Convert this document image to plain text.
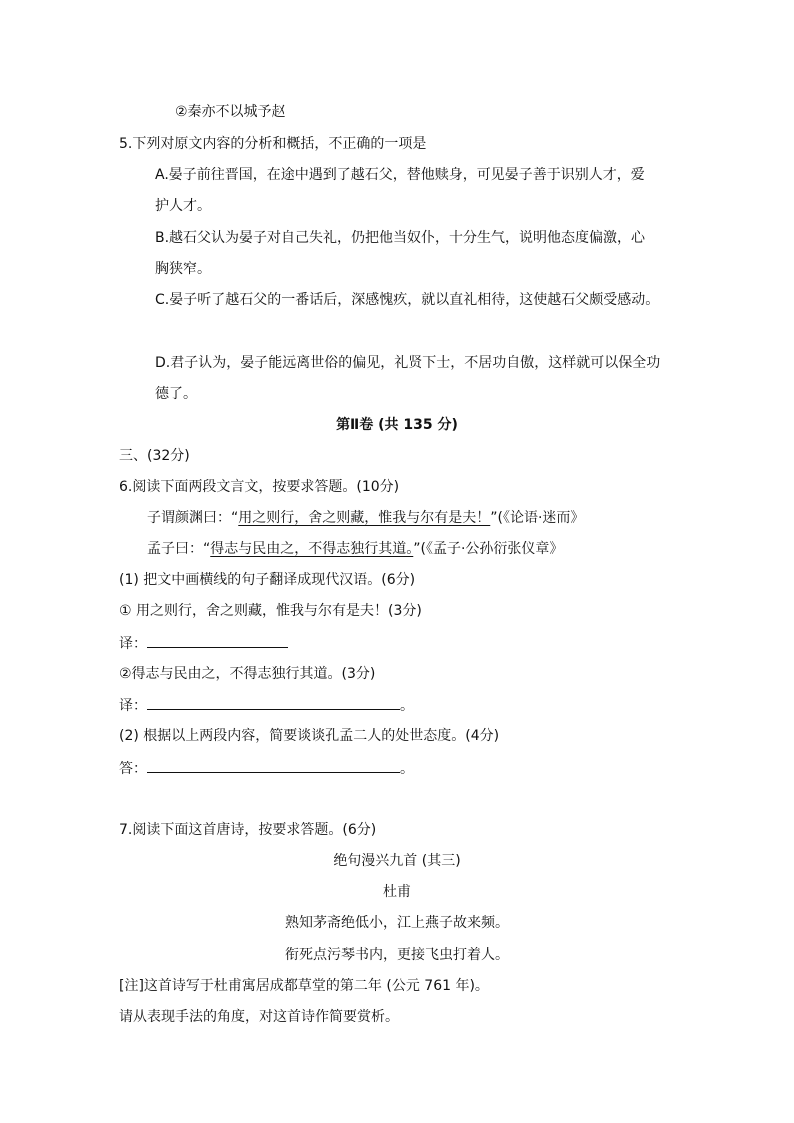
②秦亦不以城予赵
5.下列对原文内容的分析和概括，不正确的一项是
A.晏子前往晋国，在途中遇到了越石父，替他赎身，可见晏子善于识别人才，爱
护人才。
B.越石父认为晏子对自己失礼，仍把他当奴仆，十分生气，说明他态度偏激，心
胸狭窄。
C.晏子听了越石父的一番话后，深感愧疚，就以直礼相待，这使越石父颇受感动。
D.君子认为，晏子能远离世俗的偏见，礼贤下士，不居功自傲，这样就可以保全功
德了。
第Ⅱ卷 (共 135 分)
三、(32分)
6.阅读下面两段文言文，按要求答题。(10分)
子谓颜渊曰：“用之则行，舍之则藏，惟我与尔有是夫！”(《论语·迷而》
孟子曰：“得志与民由之，不得志独行其道。”(《孟子·公孙衍张仪章》
(1) 把文中画横线的句子翻译成现代汉语。(6分)
① 用之则行，舍之则藏，惟我与尔有是夫！(3分)
译：
②得志与民由之，不得志独行其道。(3分)
译：	。
(2) 根据以上两段内容，简要谈谈孔孟二人的处世态度。(4分)
答：	。
7.阅读下面这首唐诗，按要求答题。(6分)
绝句漫兴九首 (其三)
杜甫
熟知茅斋绝低小，江上燕子故来频。
衔死点污琴书内，更接飞虫打着人。
[注]这首诗写于杜甫寓居成都草堂的第二年 (公元 761 年)。
请从表现手法的角度，对这首诗作简要赏析。
